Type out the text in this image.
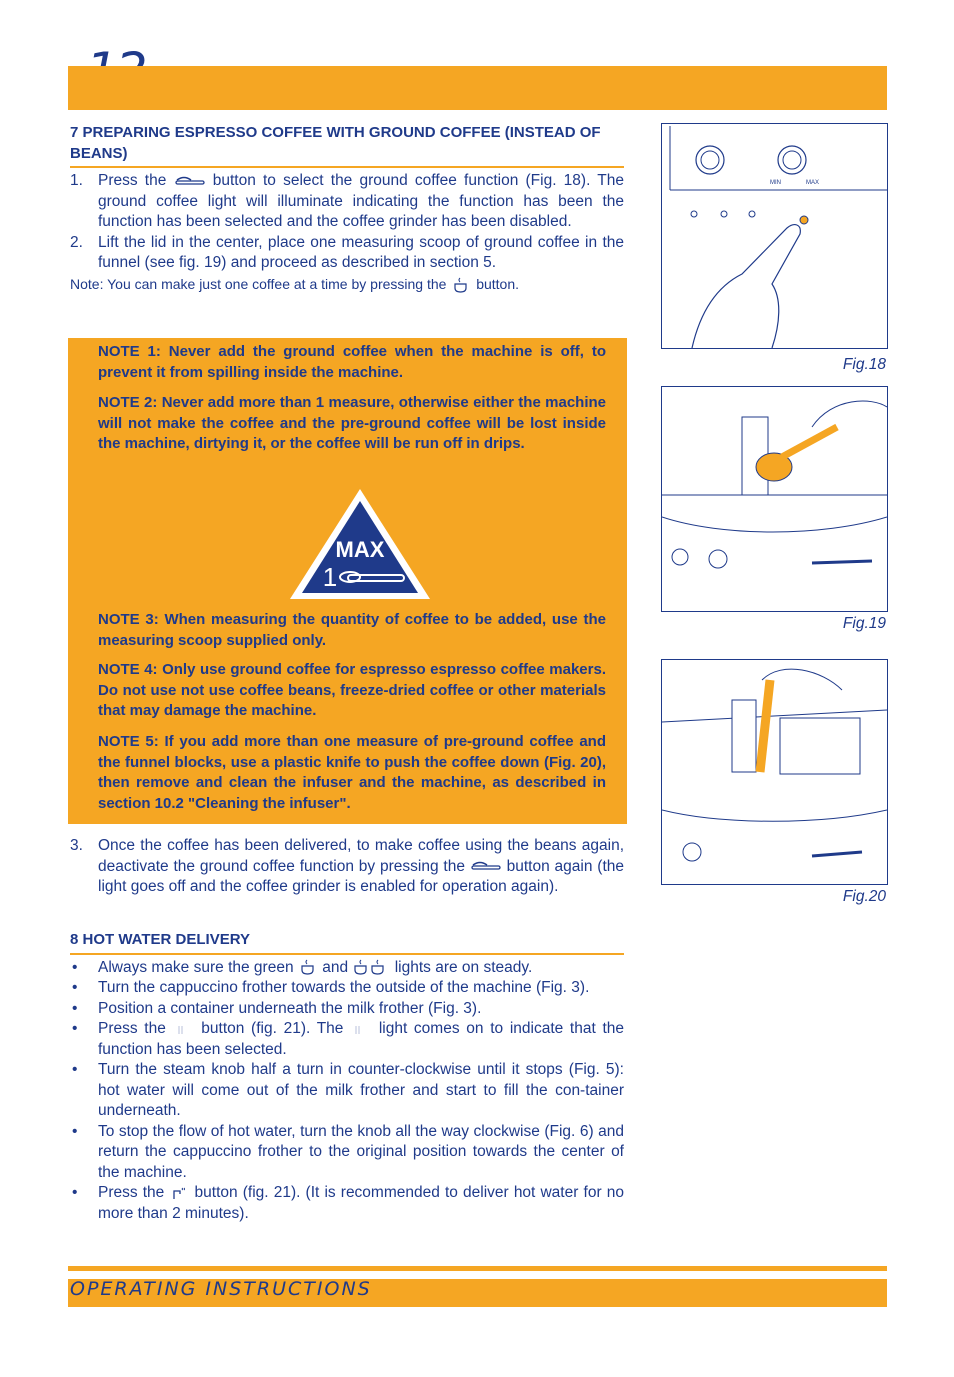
7 PREPARING ESPRESSO COFFEE WITH GROUND COFFEE (INSTEAD OF BEANS)
1. Press the	button to select the ground coffee function (Fig. 18). The ground coffee light will illuminate indicating the function has been the function has been selected and the coffee grinder has been disabled.
2. Lift the lid in the center, place one measuring scoop of ground coffee in the funnel (see fig. 19) and proceed as described in section 5.
Note: You can make just one coffee at a time by pressing the button.
NOTE 1: Never add the ground coffee when the machine is off, to prevent it from spilling inside the machine.
NOTE 2: Never add more than 1 measure, otherwise either the machine will not make the coffee and the pre-ground coffee will be lost inside the machine, dirtying it, or the coffee will be run off in drips.
MAX
1
NOTE 3: When measuring the quantity of coffee to be added, use the measuring scoop supplied only.
NOTE 4: Only use ground coffee for espresso espresso coffee makers. Do not use not use coffee beans, freeze-dried coffee or other materials that may damage the machine.
NOTE 5: If you add more than one measure of pre-ground coffee and the funnel blocks, use a plastic knife to push the coffee down (Fig. 20), then remove and clean the infuser and the machine, as described in section 10.2 "Cleaning the infuser".
3. Once the coffee has been delivered, to make coffee using the beans again, deactivate the ground coffee function by pressing the	button again (the light goes off and the coffee grinder is enabled for operation again).
8 HOT WATER DELIVERY
• Always make sure the green and	lights are on steady.
• Turn the cappuccino frother towards the outside of the machine (Fig. 3).
• Position a container underneath the milk frother (Fig. 3).
• Press the button (fig. 21). The light comes on to indicate that the function has been selected.
• Turn the steam knob half a turn in counter-clockwise until it stops (Fig. 5): hot water will come out of the milk frother and start to fill the con-tainer underneath.
• To stop the flow of hot water, turn the knob all the way clockwise (Fig. 6) and return the cappuccino frother to the original position towards the center of the machine.
• Press the button (fig. 21). (It is recommended to deliver hot water for no more than 2 minutes).
MIN	MAX
Fig.18
Fig.19
Fig.20
OPERATING INSTRUCTIONS
